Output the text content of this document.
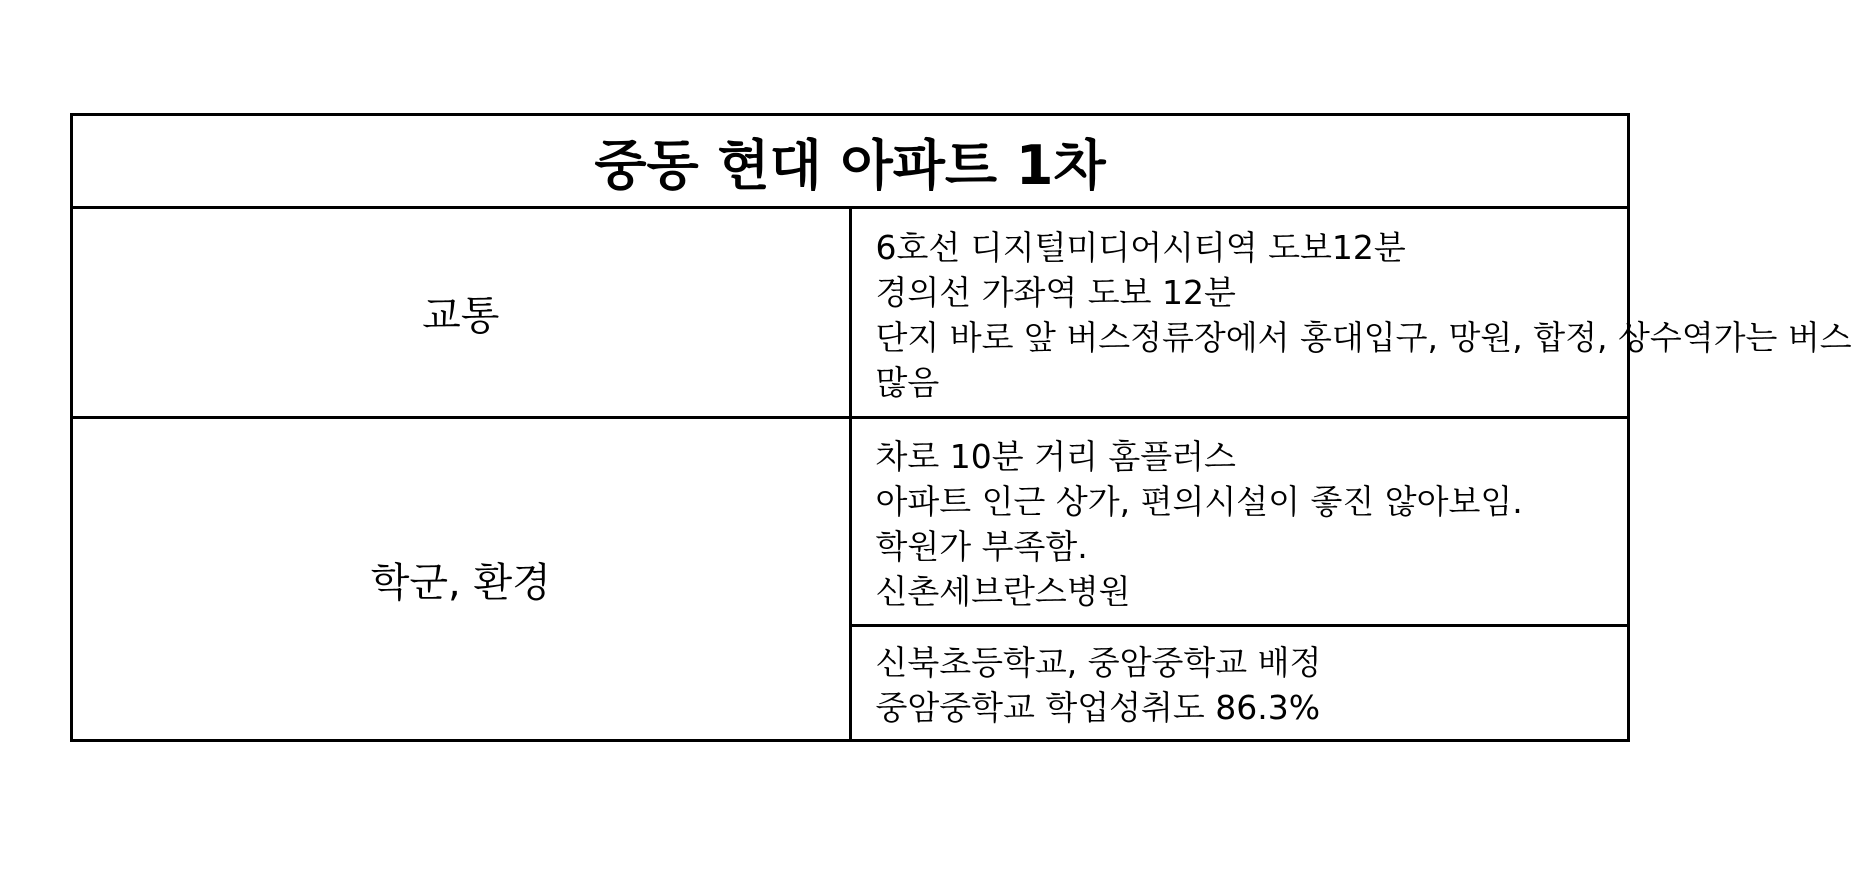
중동 현대 아파트 1차	
교통	6호선 디지털미디어시티역 도보12분
경의선 가좌역 도보 12분
단지 바로 앞 버스정류장에서 홍대입구, 망원, 합정, 상수역가는 버스
많음

학군, 환경	차로 10분 거리 홈플러스
아파트 인근 상가, 편의시설이 좋진 않아보임.
학원가 부족함.
신촌세브란스병원

	신북초등학교, 중암중학교 배정
중암중학교 학업성취도 86.3%
